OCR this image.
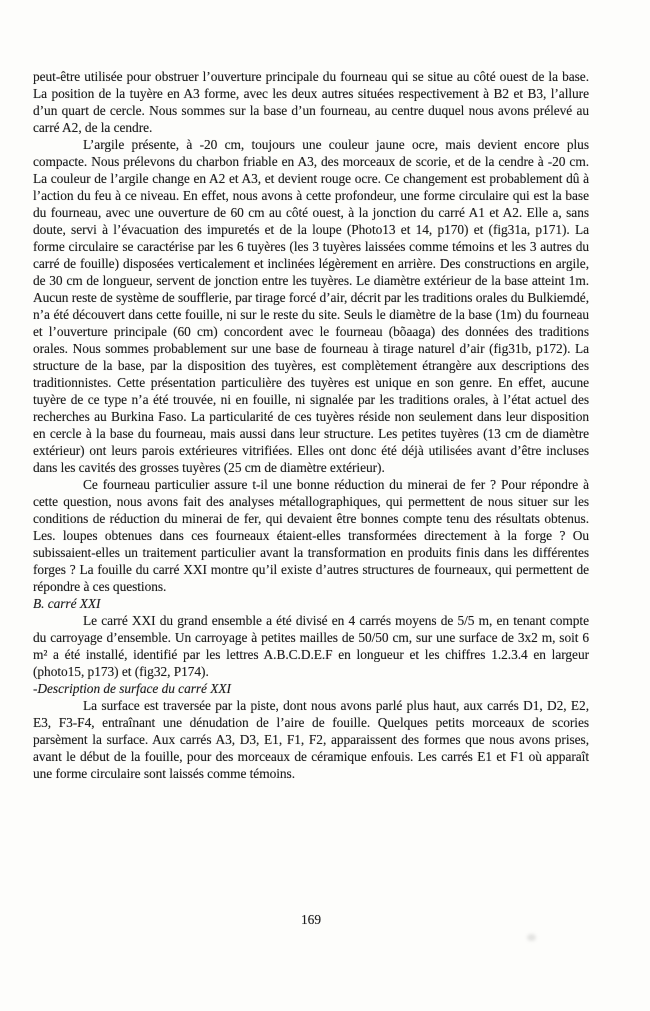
peut-être utilisée pour obstruer l’ouverture principale du fourneau qui se situe au côté ouest de la base. La position de la tuyère en A3 forme, avec les deux autres situées respectivement à B2 et B3, l’allure d’un quart de cercle. Nous sommes sur la base d’un fourneau, au centre duquel nous avons prélevé au carré A2, de la cendre.

L’argile présente, à -20 cm, toujours une couleur jaune ocre, mais devient encore plus compacte. Nous prélevons du charbon friable en A3, des morceaux de scorie, et de la cendre à -20 cm. La couleur de l’argile change en A2 et A3, et devient rouge ocre. Ce changement est probablement dû à l’action du feu à ce niveau. En effet, nous avons à cette profondeur, une forme circulaire qui est la base du fourneau, avec une ouverture de 60 cm au côté ouest, à la jonction du carré A1 et A2. Elle a, sans doute, servi à l’évacuation des impuretés et de la loupe (Photo13 et 14, p170) et (fig31a, p171). La forme circulaire se caractérise par les 6 tuyères (les 3 tuyères laissées comme témoins et les 3 autres du carré de fouille) disposées verticalement et inclinées légèrement en arrière. Des constructions en argile, de 30 cm de longueur, servent de jonction entre les tuyères. Le diamètre extérieur de la base atteint 1m. Aucun reste de système de soufflerie, par tirage forcé d’air, décrit par les traditions orales du Bulkiemdé, n’a été découvert dans cette fouille, ni sur le reste du site. Seuls le diamètre de la base (1m) du fourneau et l’ouverture principale (60 cm) concordent avec le fourneau (bõaaga) des données des traditions orales. Nous sommes probablement sur une base de fourneau à tirage naturel d’air (fig31b, p172). La structure de la base, par la disposition des tuyères, est complètement étrangère aux descriptions des traditionnistes. Cette présentation particulière des tuyères est unique en son genre. En effet, aucune tuyère de ce type n’a été trouvée, ni en fouille, ni signalée par les traditions orales, à l’état actuel des recherches au Burkina Faso. La particularité de ces tuyères réside non seulement dans leur disposition en cercle à la base du fourneau, mais aussi dans leur structure. Les petites tuyères (13 cm de diamètre extérieur) ont leurs parois extérieures vitrifiées. Elles ont donc été déjà utilisées avant d’être incluses dans les cavités des grosses tuyères (25 cm de diamètre extérieur).

Ce fourneau particulier assure t-il une bonne réduction du minerai de fer ? Pour répondre à cette question, nous avons fait des analyses métallographiques, qui permettent de nous situer sur les conditions de réduction du minerai de fer, qui devaient être bonnes compte tenu des résultats obtenus. Les. loupes obtenues dans ces fourneaux étaient-elles transformées directement à la forge ? Ou subissaient-elles un traitement particulier avant la transformation en produits finis dans les différentes forges ? La fouille du carré XXI montre qu’il existe d’autres structures de fourneaux, qui permettent de répondre à ces questions.

B. carré XXI

Le carré XXI du grand ensemble a été divisé en 4 carrés moyens de 5/5 m, en tenant compte du carroyage d’ensemble. Un carroyage à petites mailles de 50/50 cm, sur une surface de 3x2 m, soit 6 m² a été installé, identifié par les lettres A.B.C.D.E.F en longueur et les chiffres 1.2.3.4 en largeur (photo15, p173) et (fig32, P174).

-Description de surface du carré XXI

La surface est traversée par la piste, dont nous avons parlé plus haut, aux carrés D1, D2, E2, E3, F3-F4, entraînant une dénudation de l’aire de fouille. Quelques petits morceaux de scories parsèment la surface. Aux carrés A3, D3, E1, F1, F2, apparaissent des formes que nous avons prises, avant le début de la fouille, pour des morceaux de céramique enfouis. Les carrés E1 et F1 où apparaît une forme circulaire sont laissés comme témoins.

169
